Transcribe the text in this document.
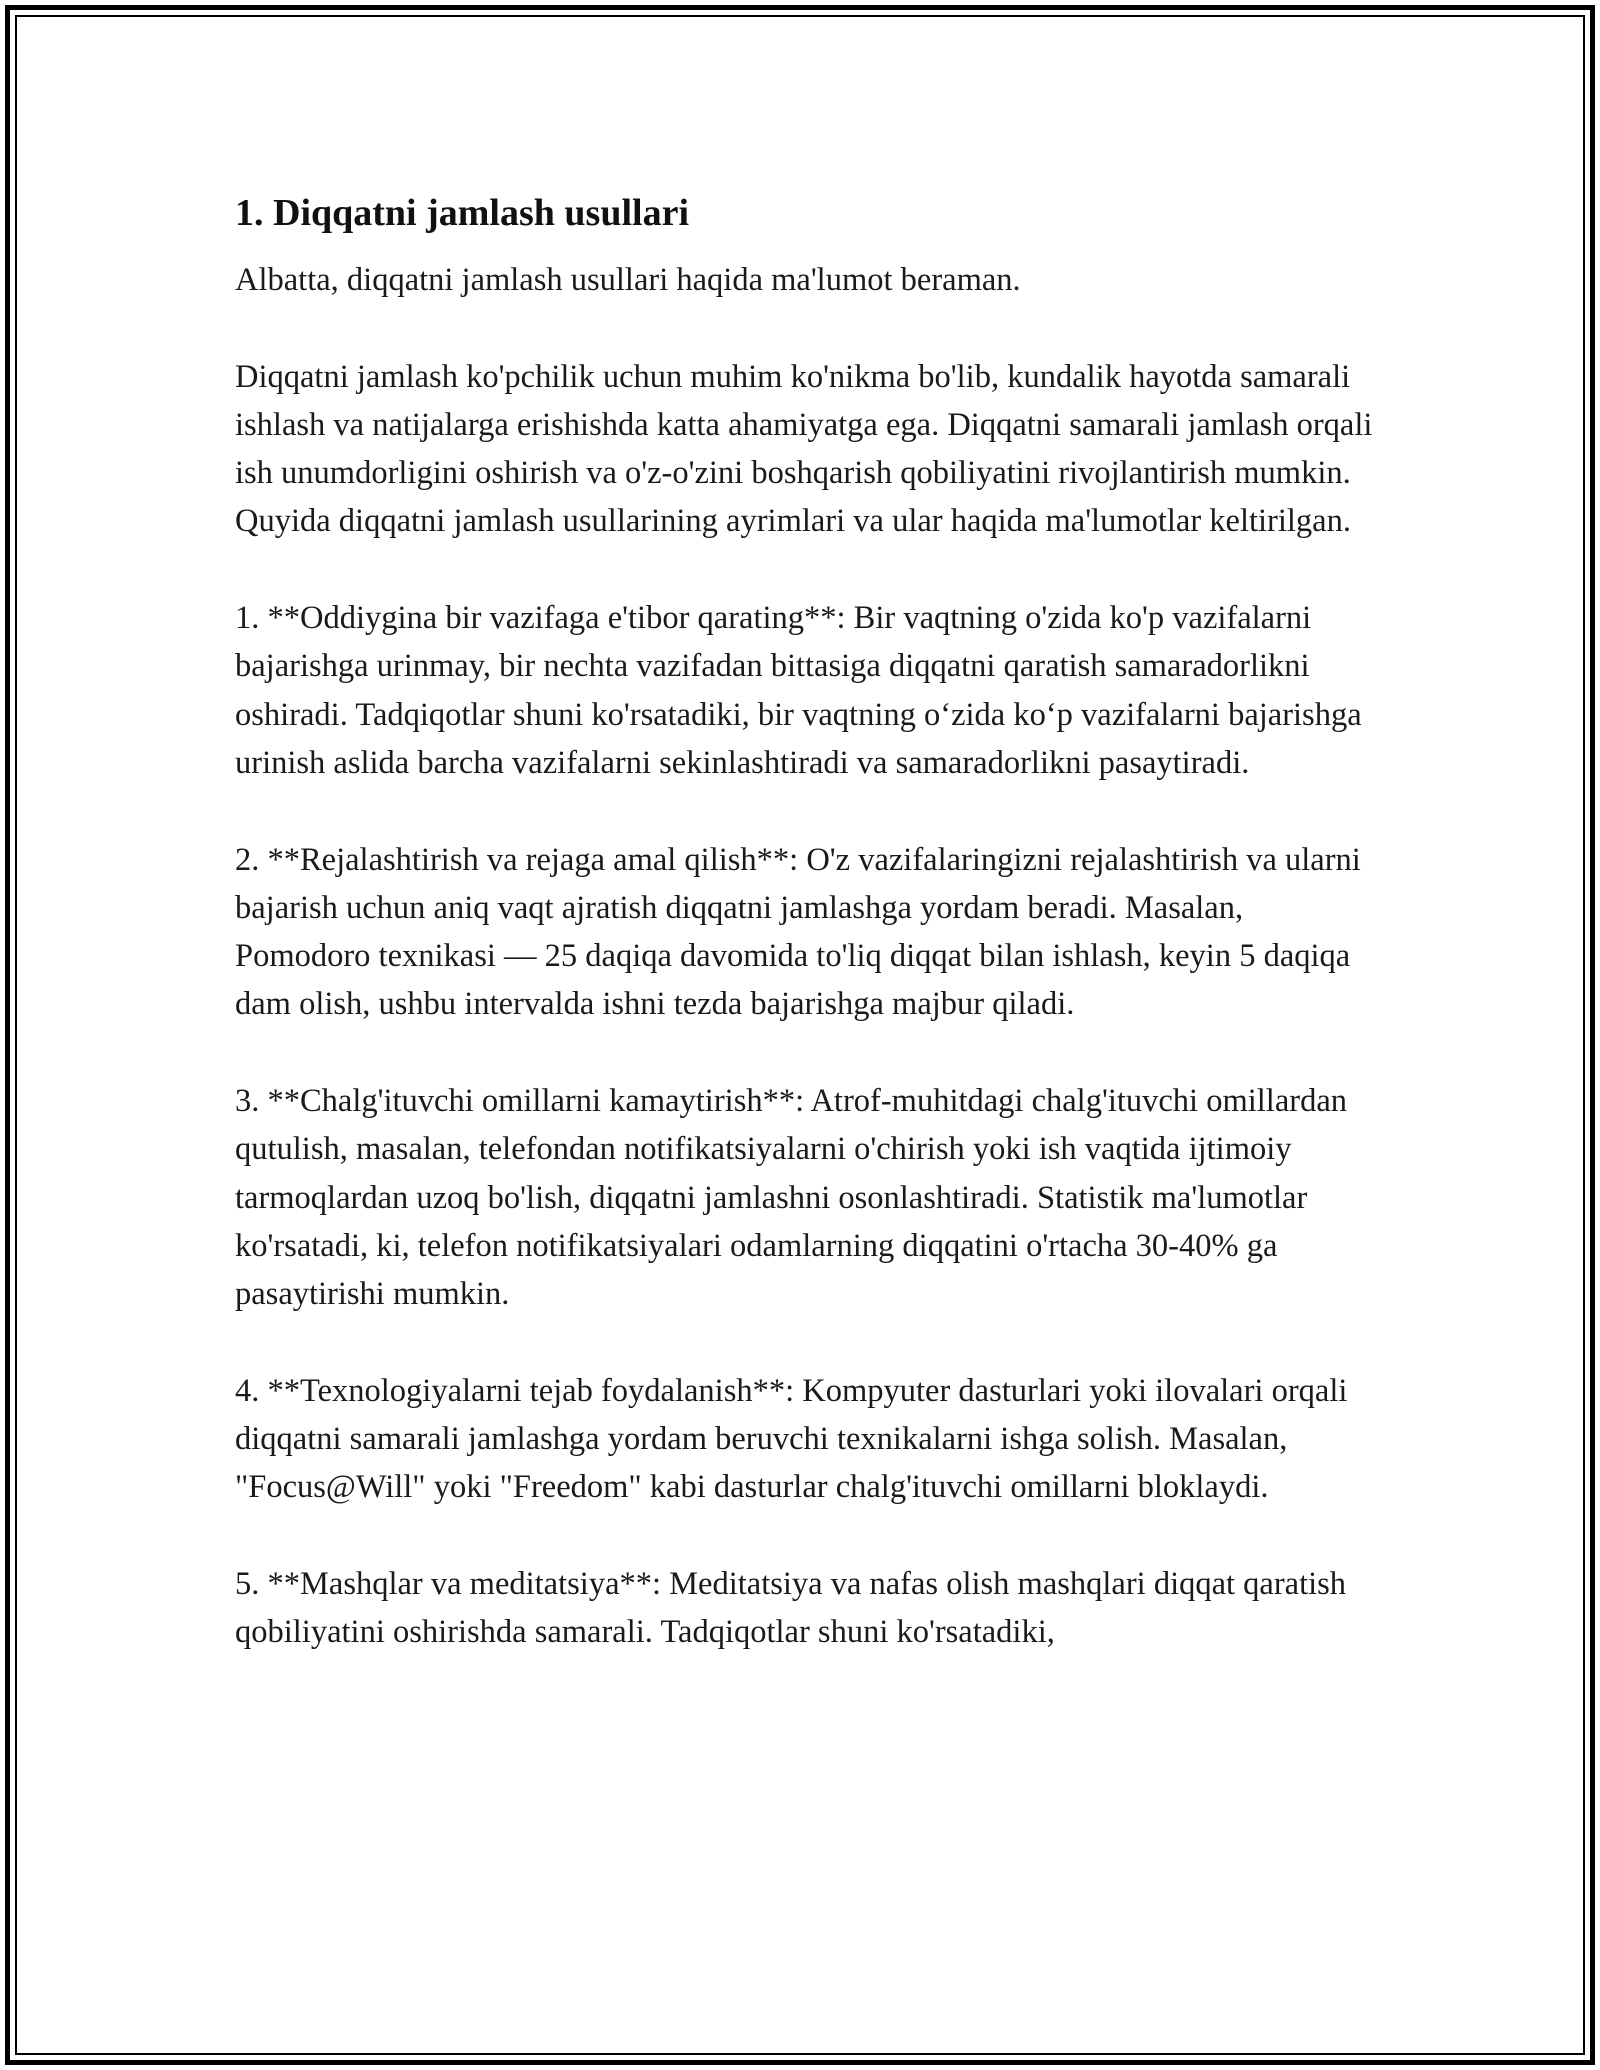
1. Diqqatni jamlash usullari

Albatta, diqqatni jamlash usullari haqida ma'lumot beraman.

Diqqatni jamlash ko'pchilik uchun muhim ko'nikma bo'lib, kundalik hayotda samarali ishlash va natijalarga erishishda katta ahamiyatga ega. Diqqatni samarali jamlash orqali ish unumdorligini oshirish va o'z-o'zini boshqarish qobiliyatini rivojlantirish mumkin. Quyida diqqatni jamlash usullarining ayrimlari va ular haqida ma'lumotlar keltirilgan.

1. **Oddiygina bir vazifaga e'tibor qarating**: Bir vaqtning o'zida ko'p vazifalarni bajarishga urinmay, bir nechta vazifadan bittasiga diqqatni qaratish samaradorlikni oshiradi. Tadqiqotlar shuni ko'rsatadiki, bir vaqtning o‘zida ko‘p vazifalarni bajarishga urinish aslida barcha vazifalarni sekinlashtiradi va samaradorlikni pasaytiradi.

2. **Rejalashtirish va rejaga amal qilish**: O'z vazifalaringizni rejalashtirish va ularni bajarish uchun aniq vaqt ajratish diqqatni jamlashga yordam beradi. Masalan, Pomodoro texnikasi — 25 daqiqa davomida to'liq diqqat bilan ishlash, keyin 5 daqiqa dam olish, ushbu intervalda ishni tezda bajarishga majbur qiladi.

3. **Chalg'ituvchi omillarni kamaytirish**: Atrof-muhitdagi chalg'ituvchi omillardan qutulish, masalan, telefondan notifikatsiyalarni o'chirish yoki ish vaqtida ijtimoiy tarmoqlardan uzoq bo'lish, diqqatni jamlashni osonlashtiradi. Statistik ma'lumotlar ko'rsatadi, ki, telefon notifikatsiyalari odamlarning diqqatini o'rtacha 30-40% ga pasaytirishi mumkin.

4. **Texnologiyalarni tejab foydalanish**: Kompyuter dasturlari yoki ilovalari orqali diqqatni samarali jamlashga yordam beruvchi texnikalarni ishga solish. Masalan, "Focus@Will" yoki "Freedom" kabi dasturlar chalg'ituvchi omillarni bloklaydi.

5. **Mashqlar va meditatsiya**: Meditatsiya va nafas olish mashqlari diqqat qaratish qobiliyatini oshirishda samarali. Tadqiqotlar shuni ko'rsatadiki,
